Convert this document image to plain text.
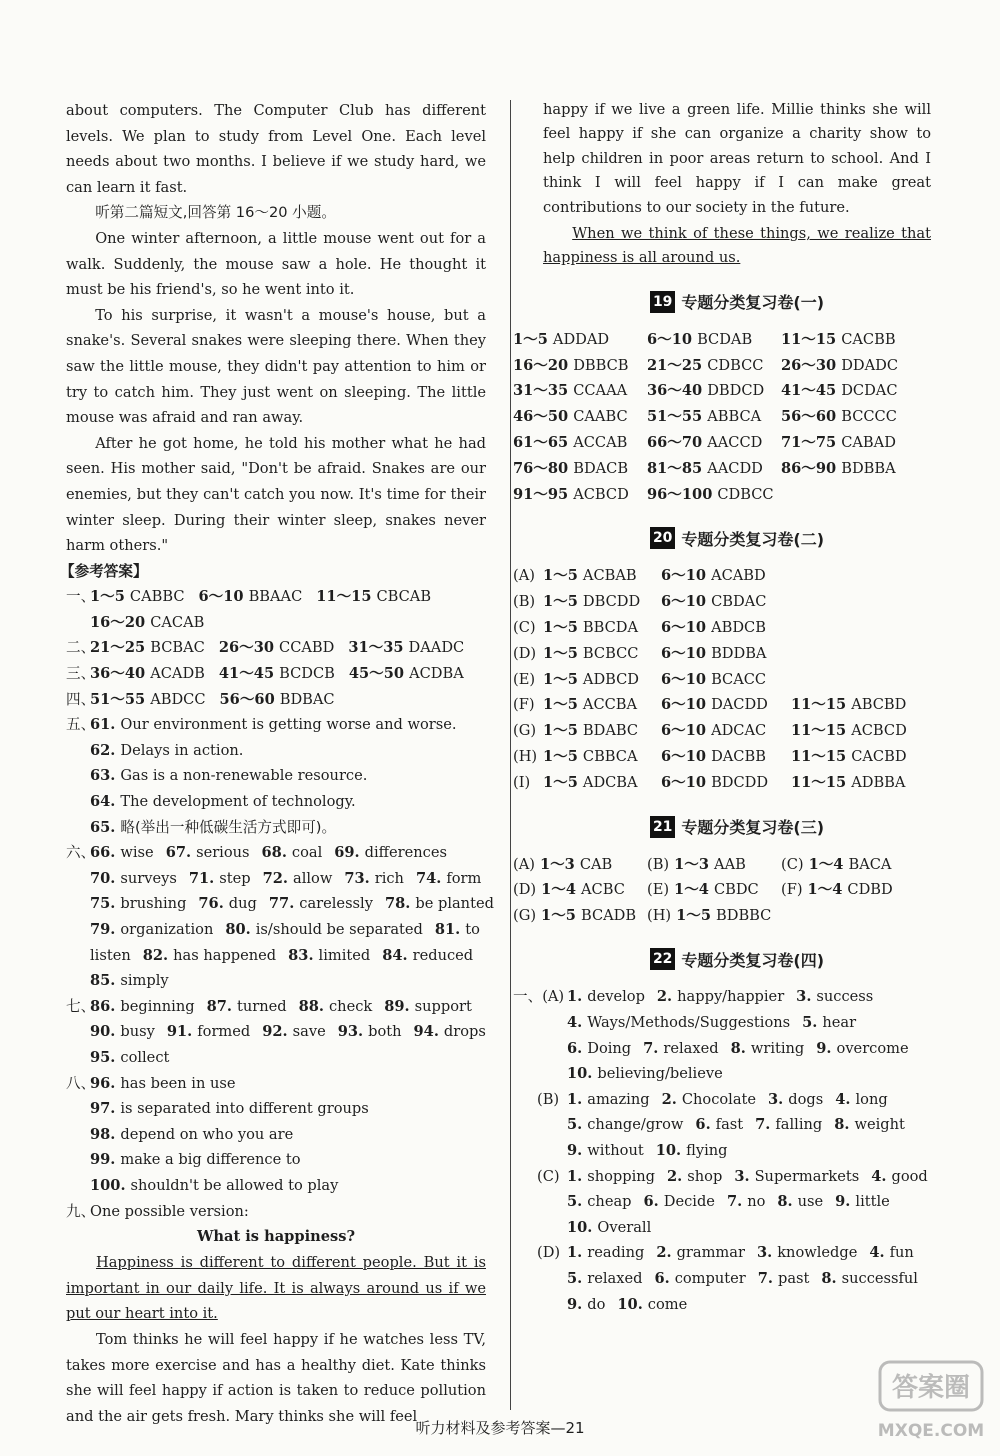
about computers. The Computer Club has different levels. We plan to study from Level One. Each level needs about two months. I believe if we study hard, we can learn it fast.

听第二篇短文,回答第 16～20 小题。

One winter afternoon, a little mouse went out for a walk. Suddenly, the mouse saw a hole. He thought it must be his friend's, so he went into it.

To his surprise, it wasn't a mouse's house, but a snake's. Several snakes were sleeping there. When they saw the little mouse, they didn't pay attention to him or try to catch him. They just went on sleeping. The little mouse was afraid and ran away.

After he got home, he told his mother what he had seen. His mother said, "Don't be afraid. Snakes are our enemies, but they can't catch you now. It's time for their winter sleep. During their winter sleep, snakes never harm others."

【参考答案】

一、
1～5 CABBC 6～10 BBAAC 11～15 CBCAB
16～20 CACAB
二、
21～25 BCBAC 26～30 CCABD 31～35 DAADC
三、
36～40 ACADB 41～45 BCDCB 45～50 ACDBA
四、
51～55 ABDCC 56～60 BDBAC
五、
61. Our environment is getting worse and worse.
62. Delays in action.
63. Gas is a non-renewable resource.
64. The development of technology.
65. 略(举出一种低碳生活方式即可)。
六、
66. wise 67. serious 68. coal 69. differences
70. surveys 71. step 72. allow 73. rich 74. form
75. brushing 76. dug 77. carelessly 78. be planted
79. organization 80. is/should be separated 81. to
listen 82. has happened 83. limited 84. reduced
85. simply
七、
86. beginning 87. turned 88. check 89. support
90. busy 91. formed 92. save 93. both 94. drops
95. collect
八、
96. has been in use
97. is separated into different groups
98. depend on who you are
99. make a big difference to
100. shouldn't be allowed to play
九、
One possible version:
What is happiness?

Happiness is different to different people. But it is important in our daily life. It is always around us if we put our heart into it.

Tom thinks he will feel happy if he watches less TV, takes more exercise and has a healthy diet. Kate thinks she will feel happy if action is taken to reduce pollution and the air gets fresh. Mary thinks she will feel

happy if we live a green life. Millie thinks she will feel happy if she can organize a charity show to help children in poor areas return to school. And I think I will feel happy if I can make great contributions to our society in the future.

When we think of these things, we realize that happiness is all around us.

19 专题分类复习卷(一)
1～5 ADDAD	6～10 BCDAB	11～15 CACBB
16～20 DBBCB	21～25 CDBCC	26～30 DDADC
31～35 CCAAA	36～40 DBDCD	41～45 DCDAC
46～50 CAABC	51～55 ABBCA	56～60 BCCCC
61～65 ACCAB	66～70 AACCD	71～75 CABAD
76～80 BDACB	81～85 AACDD	86～90 BDBBA
91～95 ACBCD	96～100 CDBCC
20 专题分类复习卷(二)
(A) 1～5 ACBAB	6～10 ACABD
(B) 1～5 DBCDD	6～10 CBDAC
(C) 1～5 BBCDA	6～10 ABDCB
(D) 1～5 BCBCC	6～10 BDDBA
(E) 1～5 ADBCD	6～10 BCACC
(F) 1～5 ACCBA	6～10 DACDD	11～15 ABCBD
(G) 1～5 BDABC	6～10 ADCAC	11～15 ACBCD
(H) 1～5 CBBCA	6～10 DACBB	11～15 CACBD
(I) 1～5 ADCBA	6～10 BDCDD	11～15 ADBBA
21 专题分类复习卷(三)
(A) 1～3 CAB	(B) 1～3 AAB	(C) 1～4 BACA
(D) 1～4 ACBC	(E) 1～4 CBDC	(F) 1～4 CDBD
(G) 1～5 BCADB (H) 1～5 BDBBC
22 专题分类复习卷(四)
一、(A) 1. develop 2. happy/happier 3. success
4. Ways/Methods/Suggestions 5. hear
6. Doing 7. relaxed 8. writing 9. overcome
10. believing/believe
(B) 1. amazing 2. Chocolate 3. dogs 4. long
5. change/grow 6. fast 7. falling 8. weight
9. without 10. flying
(C) 1. shopping 2. shop 3. Supermarkets 4. good
5. cheap 6. Decide 7. no 8. use 9. little
10. Overall
(D) 1. reading 2. grammar 3. knowledge 4. fun
5. relaxed 6. computer 7. past 8. successful
9. do 10. come
听力材料及参考答案—21
答案圈
MXQE.COM
